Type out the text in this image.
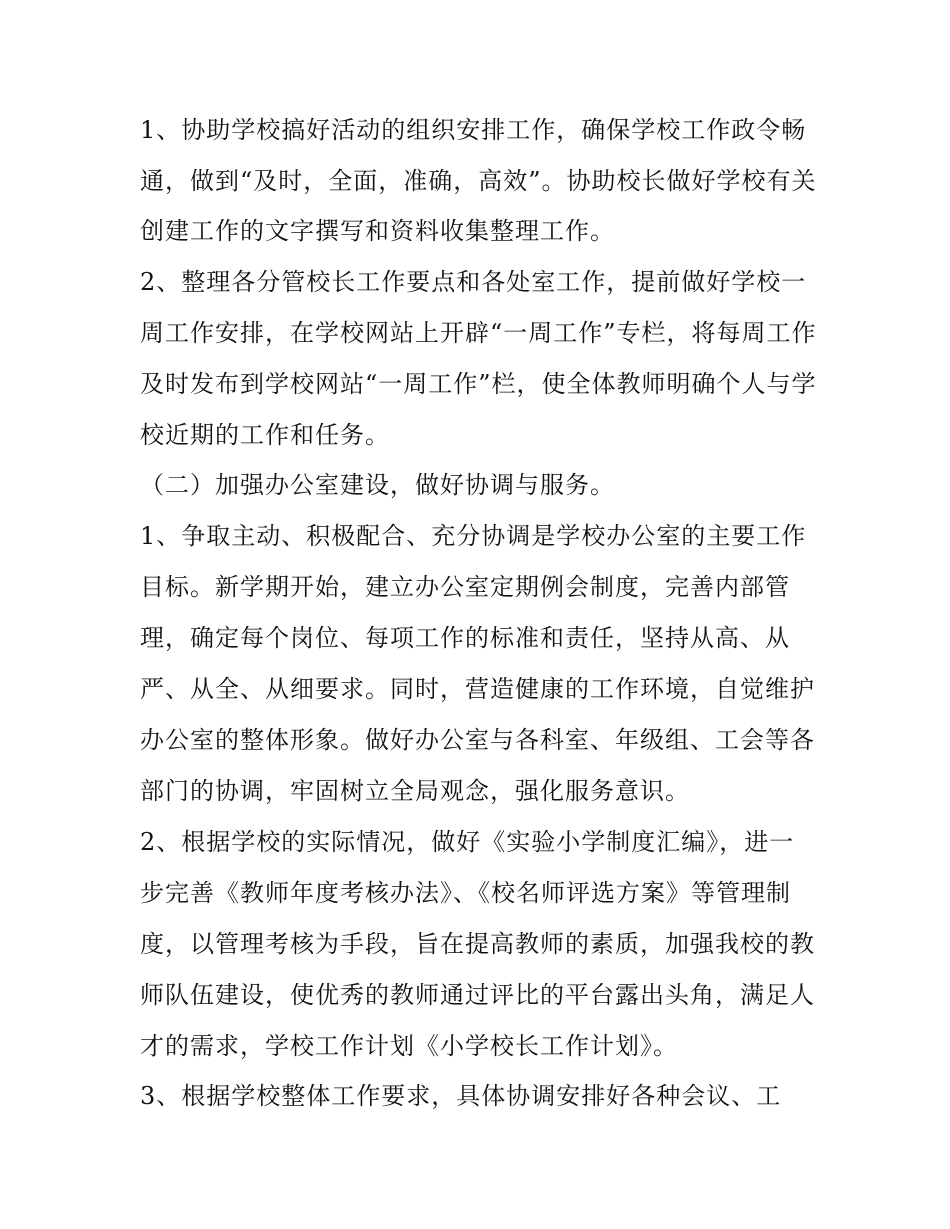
1、协助学校搞好活动的组织安排工作，确保学校工作政令畅
通，做到“及时，全面，准确，高效”。协助校长做好学校有关
创建工作的文字撰写和资料收集整理工作。
2、整理各分管校长工作要点和各处室工作，提前做好学校一
周工作安排，在学校网站上开辟“一周工作”专栏，将每周工作
及时发布到学校网站“一周工作”栏，使全体教师明确个人与学
校近期的工作和任务。
（二）加强办公室建设，做好协调与服务。
1、争取主动、积极配合、充分协调是学校办公室的主要工作
目标。新学期开始，建立办公室定期例会制度，完善内部管
理，确定每个岗位、每项工作的标准和责任，坚持从高、从
严、从全、从细要求。同时，营造健康的工作环境，自觉维护
办公室的整体形象。做好办公室与各科室、年级组、工会等各
部门的协调，牢固树立全局观念，强化服务意识。
2、根据学校的实际情况，做好《实验小学制度汇编》，进一
步完善《教师年度考核办法》、《校名师评选方案》等管理制
度，以管理考核为手段，旨在提高教师的素质，加强我校的教
师队伍建设，使优秀的教师通过评比的平台露出头角，满足人
才的需求，学校工作计划《小学校长工作计划》。
3、根据学校整体工作要求，具体协调安排好各种会议、工
